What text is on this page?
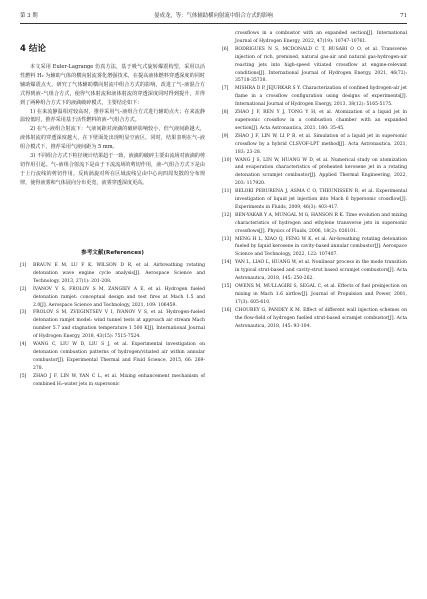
第 3 期	晏成龙，等：气体辅助横向射流中组合方式的影响	71
4 结论

本文采用 Euler-Lagrange 仿真方法，基于吸气式旋转爆震构型，采用以活性燃料 H₂ 为辅助气体的横向射流雾化增强技术，在提高液体燃料穿透深度的同时辅助爆震点火。研究了气体辅助横向射流中组合方式的影响，改进了气–液混合方式得到液–气组合方式，使得气体射流和液体射流的穿透深度同时得到提升，并得到了两种组合方式下的液滴破碎模式，主要结论如下：

1) 在来流静温相对较高时，推荐采用气–液组合方式进行辅助点火；在来流静温较低时，推荐采用基于活性燃料的液–气组合方式。

2) 在气–液组合射流下：气液间距对液滴的破碎影响较小，但气液间距越大，液体射流的穿透深度越大，在下壁面处出现明显空液区。同时，结果表明在气–液组合模式下，推荐采用气液间距为 5 mm。

3) 不同组合方式下粒径统计结果趋于一致，液滴的破碎主要由流场对液滴的剪切作用引起。气–液组合射流下是由于下流流场的剪切作用，液–气组合方式下是由于上行流线的剪切作用。反转涡旋对所在区域流线呈由中心向四周发散的分布规律，使得液雾和气体展向分布更宽，液雾穿透深度更高。

参考文献(References)
[1]	BRAUN E M, LU F K, WILSON D R, et al. Airbreathing rotating detonation wave engine cycle analysis[J]. Aerospace Science and Technology, 2013, 27(1): 201-208.
[2]	IVANOV V S, FROLOV S M, ZANGIEV A E, et al. Hydrogen fueled detonation ramjet: conceptual design and test fires at Mach 1.5 and 2.0[J]. Aerospace Science and Technology, 2021, 109: 106459.
[3]	FROLOV S M, ZVEGINTSEV V I, IVANOV V S, et al. Hydrogen-fueled detonation ramjet model: wind tunnel tests at approach air stream Mach number 5.7 and stagnation temperature 1 500 K[J]. International Journal of Hydrogen Energy, 2018, 43(15): 7515-7524.
[4]	WANG C, LIU W D, LIU S J, et al. Experimental investigation on detonation combustion patterns of hydrogen/vitiated air within annular combustor[J]. Experimental Thermal and Fluid Science, 2015, 66: 269-278.
[5]	ZHAO J F, LIN W, YAN C L, et al. Mixing enhancement mechanism of combined H₂-water jets in supersonic
crossflows in a combustor with an expanded section[J]. International Journal of Hydrogen Energy, 2022, 47(19): 10747-10761.
[6]	RODRIGUES N S, MCDONALD C T, BUSARI O O, et al. Transverse injection of rich, premixed, natural gas-air and natural gas-hydrogen-air reacting jets into high-speed vitiated crossflow at engine-relevant conditions[J]. International Journal of Hydrogen Energy, 2021, 46(72): 35718-35738.
[7]	MISHRA D P, JEJURKAR S Y. Characterization of confined hydrogen-air jet flame in a crossflow configuration using designs of experiments[J]. International Journal of Hydrogen Energy, 2013, 38(12): 5165-5175.
[8]	ZHAO J F, REN Y J, TONG Y H, et al. Atomization of a liquid jet in supersonic crossflow in a combustion chamber with an expanded section[J]. Acta Astronautica, 2021, 180: 35-45.
[9]	ZHAO J F, LIN W, LI P B, et al. Simulation of a liquid jet in supersonic crossflow by a hybrid CLSVOF-LPT method[J]. Acta Astronautica, 2021, 183: 23-28.
[10] WANG J S, LIN W, HUANG W D, et al. Numerical study on atomization and evaporation characteristics of preheated kerosene jet in a rotating detonation scramjet combustor[J]. Applied Thermal Engineering, 2022, 203: 117920.
[11] BELOKI PERURENA J, ASMA C O, THEUNISSEN R, et al. Experimental investigation of liquid jet injection into Mach 6 hypersonic crossflow[J]. Experiments in Fluids, 2009, 46(3): 403-417.
[12] BEN-YAKAR Y A, MUNGAL M G, HANSON R K. Time evolution and mixing characteristics of hydrogen and ethylene transverse jets in supersonic crossflows[J]. Physics of Fluids, 2006, 18(2): 026101.
[13] MENG H L, XIAO Q, FENG W K, et al. Air-breathing rotating detonation fueled by liquid kerosene in cavity-based annular combustor[J]. Aerospace Science and Technology, 2022, 122: 107407.
[14] YAN L, LIAO L, HUANG W, et al. Nonlinear process in the mode transition in typical strut-based and cavity-strut based scramjet combustors[J]. Acta Astronautica, 2018, 145: 250-262.
[15] OWENS M, MULLAGIRI S, SEGAL C, et al. Effects of fuel preinjection on mixing in Mach 1.6 airflow[J]. Journal of Propulsion and Power, 2001, 17(3): 605-610.
[16] CHOUBEY G, PANDEY K M. Effect of different wall injection schemes on the flow-field of hydrogen fuelled strut-based scramjet combustor[J]. Acta Astronautica, 2018, 145: 93-104.
